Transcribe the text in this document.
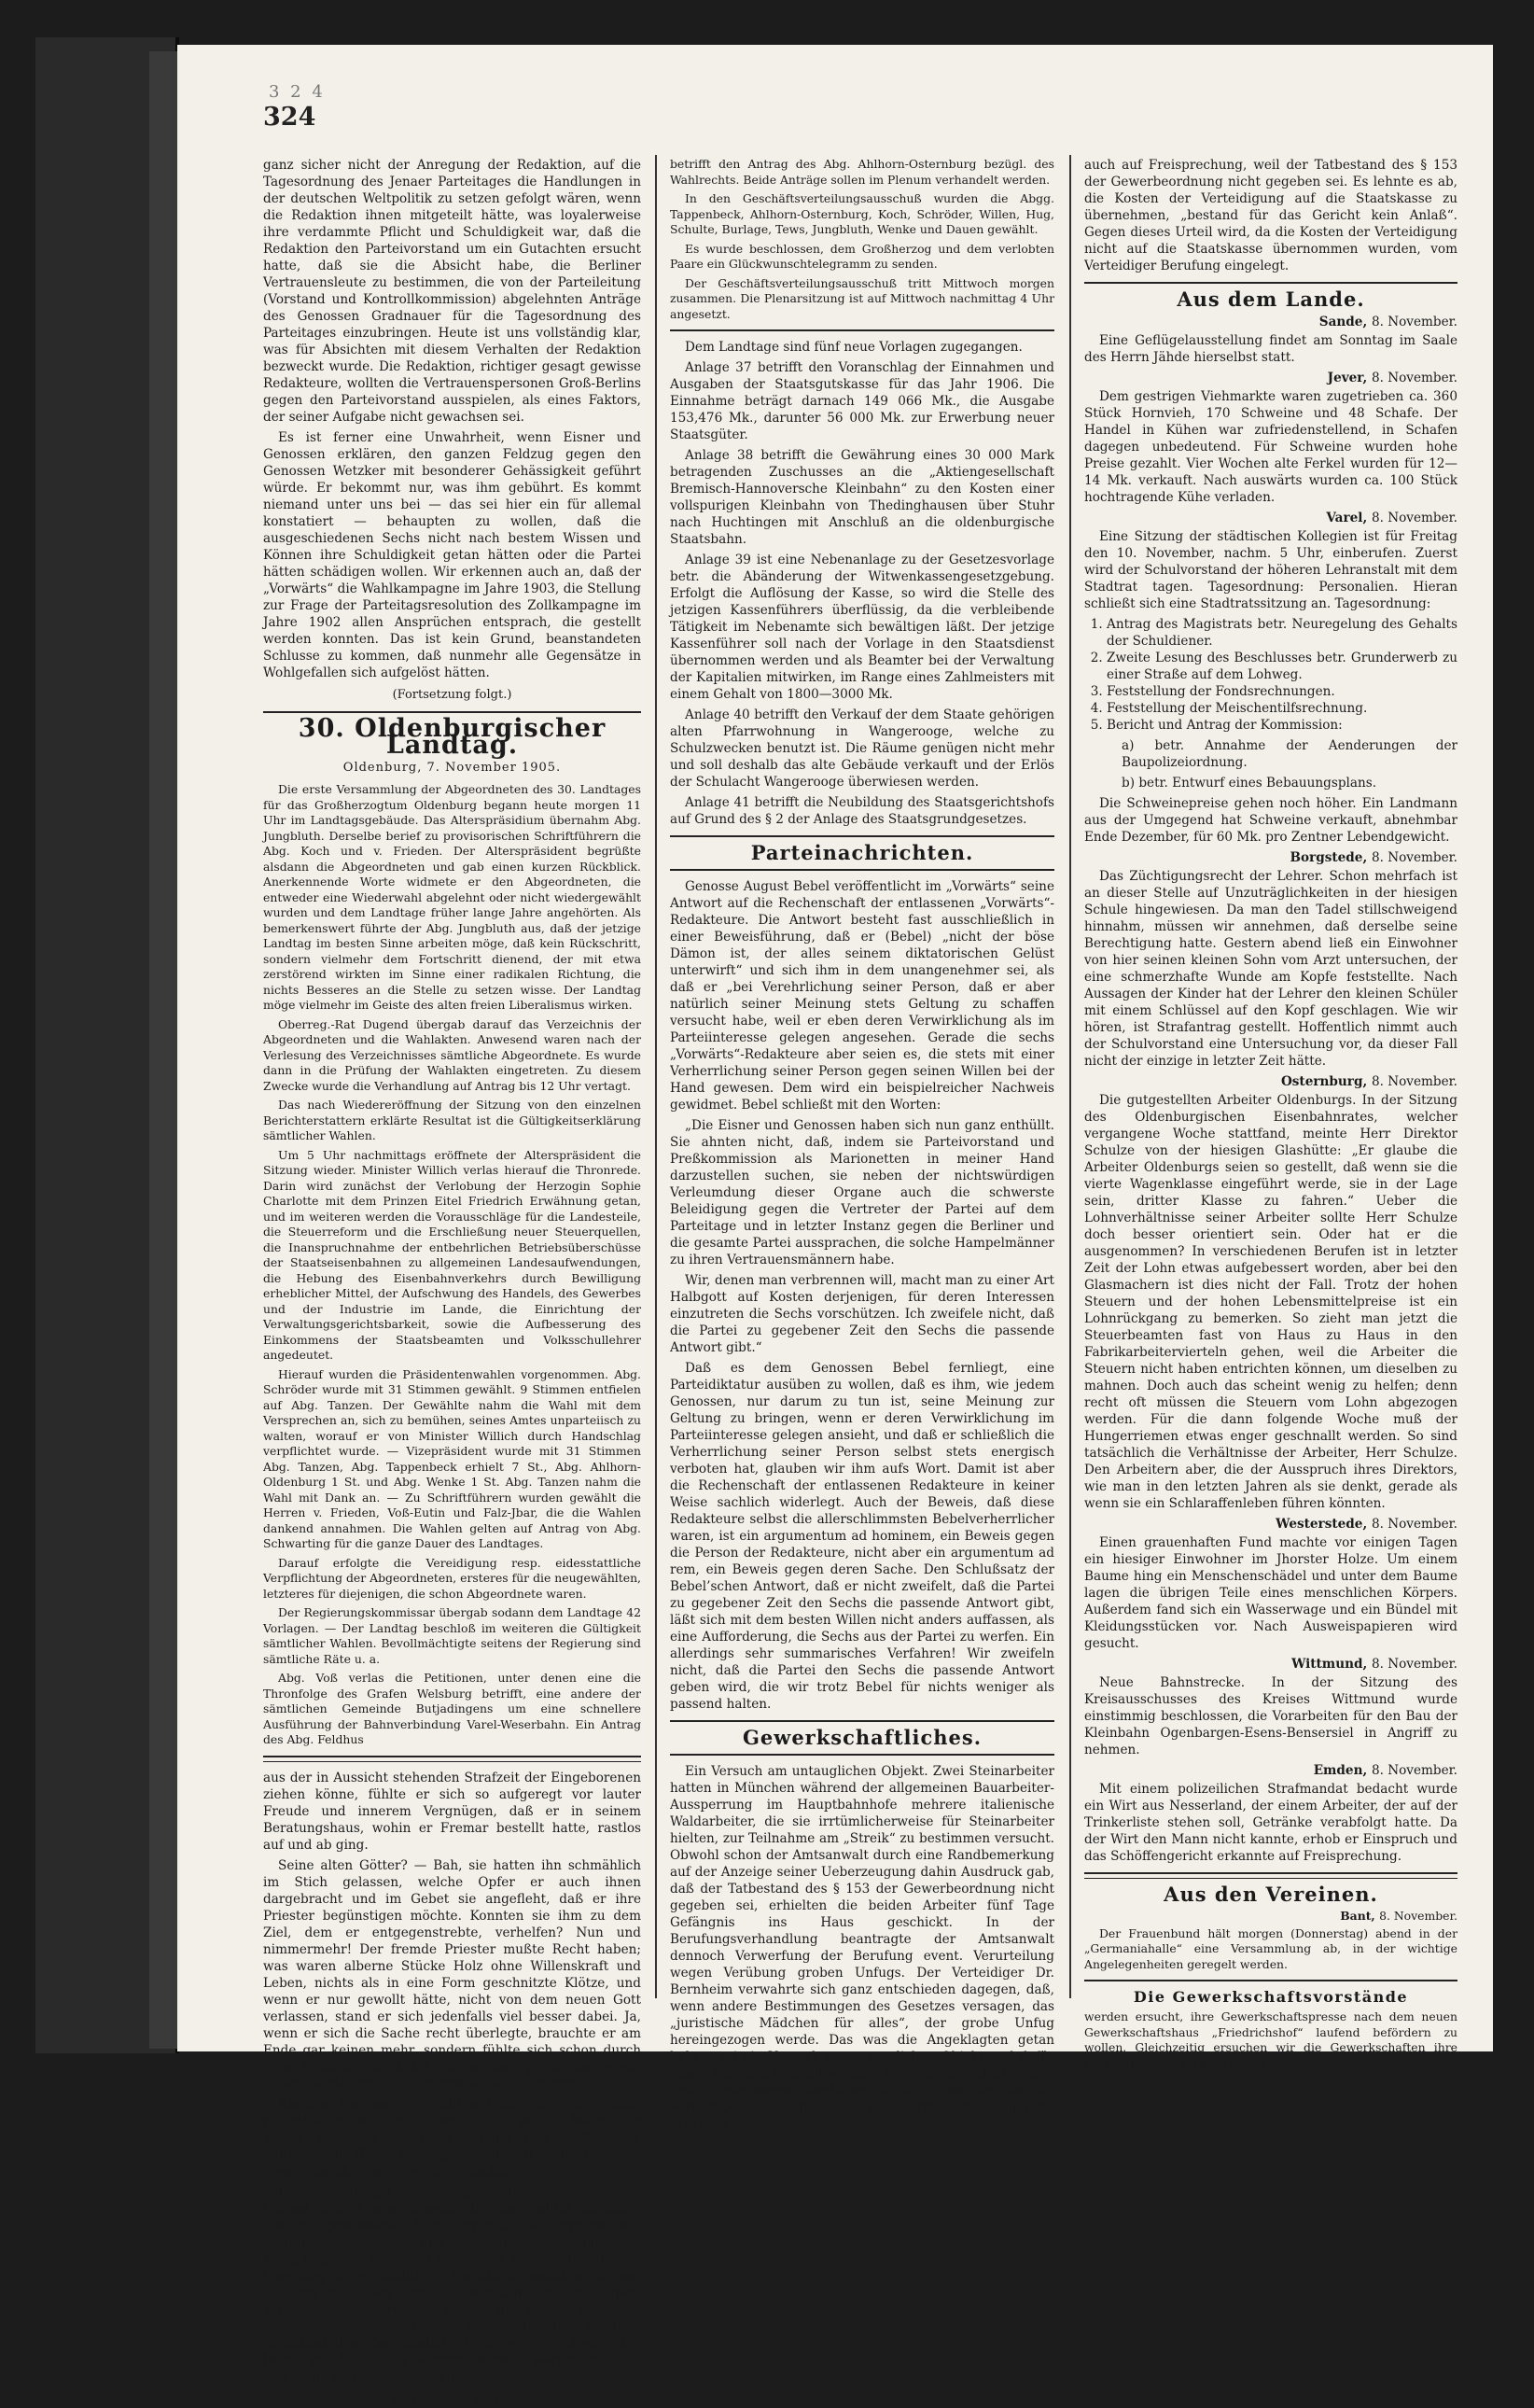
3 2 4
324

ganz sicher nicht der Anregung der Redaktion, auf die Tagesordnung des Jenaer Parteitages die Handlungen in der deutschen Weltpolitik zu setzen gefolgt wären, wenn die Redaktion ihnen mitgeteilt hätte, was loyalerweise ihre verdammte Pflicht und Schuldigkeit war, daß die Redaktion den Parteivorstand um ein Gutachten ersucht hatte, daß sie die Absicht habe, die Berliner Vertrauensleute zu bestimmen, die von der Parteileitung (Vorstand und Kontrollkommission) abgelehnten Anträge des Genossen Gradnauer für die Tagesordnung des Parteitages einzubringen. Heute ist uns vollständig klar, was für Absichten mit diesem Verhalten der Redaktion bezweckt wurde. Die Redaktion, richtiger gesagt gewisse Redakteure, wollten die Vertrauenspersonen Groß-Berlins gegen den Parteivorstand ausspielen, als eines Faktors, der seiner Aufgabe nicht gewachsen sei.

Es ist ferner eine Unwahrheit, wenn Eisner und Genossen erklären, den ganzen Feldzug gegen den Genossen Wetzker mit besonderer Gehässigkeit geführt würde. Er bekommt nur, was ihm gebührt. Es kommt niemand unter uns bei — das sei hier ein für allemal konstatiert — behaupten zu wollen, daß die ausgeschiedenen Sechs nicht nach bestem Wissen und Können ihre Schuldigkeit getan hätten oder die Partei hätten schädigen wollen. Wir erkennen auch an, daß der „Vorwärts“ die Wahlkampagne im Jahre 1903, die Stellung zur Frage der Parteitagsresolution des Zollkampagne im Jahre 1902 allen Ansprüchen entsprach, die gestellt werden konnten. Das ist kein Grund, beanstandeten Schlusse zu kommen, daß nunmehr alle Gegensätze in Wohlgefallen sich aufgelöst hätten.

(Fortsetzung folgt.)
30. Oldenburgischer Landtag.
Oldenburg, 7. November 1905.

Die erste Versammlung der Abgeordneten des 30. Landtages für das Großherzogtum Oldenburg begann heute morgen 11 Uhr im Landtagsgebäude. Das Alterspräsidium übernahm Abg. Jungbluth. Derselbe berief zu provisorischen Schriftführern die Abg. Koch und v. Frieden. Der Alterspräsident begrüßte alsdann die Abgeordneten und gab einen kurzen Rückblick. Anerkennende Worte widmete er den Abgeordneten, die entweder eine Wiederwahl abgelehnt oder nicht wiedergewählt wurden und dem Landtage früher lange Jahre angehörten. Als bemerkenswert führte der Abg. Jungbluth aus, daß der jetzige Landtag im besten Sinne arbeiten möge, daß kein Rückschritt, sondern vielmehr dem Fortschritt dienend, der mit etwa zerstörend wirkten im Sinne einer radikalen Richtung, die nichts Besseres an die Stelle zu setzen wisse. Der Landtag möge vielmehr im Geiste des alten freien Liberalismus wirken.

Oberreg.-Rat Dugend übergab darauf das Verzeichnis der Abgeordneten und die Wahlakten. Anwesend waren nach der Verlesung des Verzeichnisses sämtliche Abgeordnete. Es wurde dann in die Prüfung der Wahlakten eingetreten. Zu diesem Zwecke wurde die Verhandlung auf Antrag bis 12 Uhr vertagt.

Das nach Wiedereröffnung der Sitzung von den einzelnen Berichterstattern erklärte Resultat ist die Gültigkeitserklärung sämtlicher Wahlen.

Um 5 Uhr nachmittags eröffnete der Alterspräsident die Sitzung wieder. Minister Willich verlas hierauf die Thronrede. Darin wird zunächst der Verlobung der Herzogin Sophie Charlotte mit dem Prinzen Eitel Friedrich Erwähnung getan, und im weiteren werden die Vorausschläge für die Landesteile, die Steuerreform und die Erschließung neuer Steuerquellen, die Inanspruchnahme der entbehrlichen Betriebsüberschüsse der Staatseisenbahnen zu allgemeinen Landesaufwendungen, die Hebung des Eisenbahnverkehrs durch Bewilligung erheblicher Mittel, der Aufschwung des Handels, des Gewerbes und der Industrie im Lande, die Einrichtung der Verwaltungsgerichtsbarkeit, sowie die Aufbesserung des Einkommens der Staatsbeamten und Volksschullehrer angedeutet.

Hierauf wurden die Präsidentenwahlen vorgenommen. Abg. Schröder wurde mit 31 Stimmen gewählt. 9 Stimmen entfielen auf Abg. Tanzen. Der Gewählte nahm die Wahl mit dem Versprechen an, sich zu bemühen, seines Amtes unparteiisch zu walten, worauf er von Minister Willich durch Handschlag verpflichtet wurde. — Vizepräsident wurde mit 31 Stimmen Abg. Tanzen, Abg. Tappenbeck erhielt 7 St., Abg. Ahlhorn-Oldenburg 1 St. und Abg. Wenke 1 St. Abg. Tanzen nahm die Wahl mit Dank an. — Zu Schriftführern wurden gewählt die Herren v. Frieden, Voß-Eutin und Falz-Jbar, die die Wahlen dankend annahmen. Die Wahlen gelten auf Antrag von Abg. Schwarting für die ganze Dauer des Landtages.

Darauf erfolgte die Vereidigung resp. eidesstattliche Verpflichtung der Abgeordneten, ersteres für die neugewählten, letzteres für diejenigen, die schon Abgeordnete waren.

Der Regierungskommissar übergab sodann dem Landtage 42 Vorlagen. — Der Landtag beschloß im weiteren die Gültigkeit sämtlicher Wahlen. Bevollmächtigte seitens der Regierung sind sämtliche Räte u. a.

Abg. Voß verlas die Petitionen, unter denen eine die Thronfolge des Grafen Welsburg betrifft, eine andere der sämtlichen Gemeinde Butjadingens um eine schnellere Ausführung der Bahnverbindung Varel-Weserbahn. Ein Antrag des Abg. Feldhus

aus der in Aussicht stehenden Strafzeit der Eingeborenen ziehen könne, fühlte er sich so aufgeregt vor lauter Freude und innerem Vergnügen, daß er in seinem Beratungshaus, wohin er Fremar bestellt hatte, rastlos auf und ab ging.

Seine alten Götter? — Bah, sie hatten ihn schmählich im Stich gelassen, welche Opfer er auch ihnen dargebracht und im Gebet sie angefleht, daß er ihre Priester begünstigen möchte. Konnten sie ihm zu dem Ziel, dem er entgegenstrebte, verhelfen? Nun und nimmermehr! Der fremde Priester mußte Recht haben; was waren alberne Stücke Holz ohne Willenskraft und Leben, nichts als in eine Form geschnitzte Klötze, und wenn er nur gewollt hätte, nicht von dem neuen Gott verlassen, stand er sich jedenfalls viel besser dabei. Ja, wenn er sich die Sache recht überlegte, brauchte er am Ende gar keinen mehr, sondern fühlte sich schon durch seine Ueberlegenheit der Waffen stark genug, um es mit seinen sämtlichen Feinden getrost aufzunehmen.

Ramara Toa war ein Vollblut-Heide und ein großer Häuptling; er betrachtete die Religion nur als Mittel zum Zweck, d. h. als ein Mittel, um das Volk im Zaum zu halten, nicht für seinen eigenen Bedarf, denn er stand sowohl darüber, wie über den Gesetzen.

Indessen schritt Fremar langsam wieder seiner eigenen Heimat zu, und zwar ebensfalls bereits ziemlich befriedigt über den gewonnenen Erfolg. Er hatte alles erreicht, was er nur hoffen konnte, und wenn die Versammlung der Häuptlinge, wie er keinen Augenblick bezweifelte, auf den Vorschlag ihres mächtigen Vorschläge annahm, so war dadurch der Sieg des Christentums auf der Insel vollständig gesichert, denn Verbote und Strafen hinderten das Volk schon, in ihrem alten heidnischen Glauben zurückzufallen. Das nämliche Mittel war ja auf so vielen Inseln mit Erfolg angewendet worden, warum sollte es hier nicht die nämliche Wirkung zeigen?

(Fortsetzung folgt.)

betrifft den Antrag des Abg. Ahlhorn-Osternburg bezügl. des Wahlrechts. Beide Anträge sollen im Plenum verhandelt werden.

In den Geschäftsverteilungsausschuß wurden die Abgg. Tappenbeck, Ahlhorn-Osternburg, Koch, Schröder, Willen, Hug, Schulte, Burlage, Tews, Jungbluth, Wenke und Dauen gewählt.

Es wurde beschlossen, dem Großherzog und dem verlobten Paare ein Glückwunschtelegramm zu senden.

Der Geschäftsverteilungsausschuß tritt Mittwoch morgen zusammen. Die Plenarsitzung ist auf Mittwoch nachmittag 4 Uhr angesetzt.

Dem Landtage sind fünf neue Vorlagen zugegangen.

Anlage 37 betrifft den Voranschlag der Einnahmen und Ausgaben der Staatsgutskasse für das Jahr 1906. Die Einnahme beträgt darnach 149 066 Mk., die Ausgabe 153,476 Mk., darunter 56 000 Mk. zur Erwerbung neuer Staatsgüter.

Anlage 38 betrifft die Gewährung eines 30 000 Mark betragenden Zuschusses an die „Aktiengesellschaft Bremisch-Hannoversche Kleinbahn“ zu den Kosten einer vollspurigen Kleinbahn von Thedinghausen über Stuhr nach Huchtingen mit Anschluß an die oldenburgische Staatsbahn.

Anlage 39 ist eine Nebenanlage zu der Gesetzesvorlage betr. die Abänderung der Witwenkassengesetzgebung. Erfolgt die Auflösung der Kasse, so wird die Stelle des jetzigen Kassenführers überflüssig, da die verbleibende Tätigkeit im Nebenamte sich bewältigen läßt. Der jetzige Kassenführer soll nach der Vorlage in den Staatsdienst übernommen werden und als Beamter bei der Verwaltung der Kapitalien mitwirken, im Range eines Zahlmeisters mit einem Gehalt von 1800—3000 Mk.

Anlage 40 betrifft den Verkauf der dem Staate gehörigen alten Pfarrwohnung in Wangerooge, welche zu Schulzwecken benutzt ist. Die Räume genügen nicht mehr und soll deshalb das alte Gebäude verkauft und der Erlös der Schulacht Wangerooge überwiesen werden.

Anlage 41 betrifft die Neubildung des Staatsgerichtshofs auf Grund des § 2 der Anlage des Staatsgrundgesetzes.

Parteinachrichten.

Genosse August Bebel veröffentlicht im „Vorwärts“ seine Antwort auf die Rechenschaft der entlassenen „Vorwärts“-Redakteure. Die Antwort besteht fast ausschließlich in einer Beweisführung, daß er (Bebel) „nicht der böse Dämon ist, der alles seinem diktatorischen Gelüst unterwirft“ und sich ihm in dem unangenehmer sei, als daß er „bei Verehrlichung seiner Person, daß er aber natürlich seiner Meinung stets Geltung zu schaffen versucht habe, weil er eben deren Verwirklichung als im Parteiinteresse gelegen angesehen. Gerade die sechs „Vorwärts“-Redakteure aber seien es, die stets mit einer Verherrlichung seiner Person gegen seinen Willen bei der Hand gewesen. Dem wird ein beispielreicher Nachweis gewidmet. Bebel schließt mit den Worten:

„Die Eisner und Genossen haben sich nun ganz enthüllt. Sie ahnten nicht, daß, indem sie Parteivorstand und Preßkommission als Marionetten in meiner Hand darzustellen suchen, sie neben der nichtswürdigen Verleumdung dieser Organe auch die schwerste Beleidigung gegen die Vertreter der Partei auf dem Parteitage und in letzter Instanz gegen die Berliner und die gesamte Partei aussprachen, die solche Hampelmänner zu ihren Vertrauensmännern habe.

Wir, denen man verbrennen will, macht man zu einer Art Halbgott auf Kosten derjenigen, für deren Interessen einzutreten die Sechs vorschützen. Ich zweifele nicht, daß die Partei zu gegebener Zeit den Sechs die passende Antwort gibt.“

Daß es dem Genossen Bebel fernliegt, eine Parteidiktatur ausüben zu wollen, daß es ihm, wie jedem Genossen, nur darum zu tun ist, seine Meinung zur Geltung zu bringen, wenn er deren Verwirklichung im Parteiinteresse gelegen ansieht, und daß er schließlich die Verherrlichung seiner Person selbst stets energisch verboten hat, glauben wir ihm aufs Wort. Damit ist aber die Rechenschaft der entlassenen Redakteure in keiner Weise sachlich widerlegt. Auch der Beweis, daß diese Redakteure selbst die allerschlimmsten Bebelverherrlicher waren, ist ein argumentum ad hominem, ein Beweis gegen die Person der Redakteure, nicht aber ein argumentum ad rem, ein Beweis gegen deren Sache. Den Schlußsatz der Bebel’schen Antwort, daß er nicht zweifelt, daß die Partei zu gegebener Zeit den Sechs die passende Antwort gibt, läßt sich mit dem besten Willen nicht anders auffassen, als eine Aufforderung, die Sechs aus der Partei zu werfen. Ein allerdings sehr summarisches Verfahren! Wir zweifeln nicht, daß die Partei den Sechs die passende Antwort geben wird, die wir trotz Bebel für nichts weniger als passend halten.

Gewerkschaftliches.

Ein Versuch am untauglichen Objekt. Zwei Steinarbeiter hatten in München während der allgemeinen Bauarbeiter-Aussperrung im Hauptbahnhofe mehrere italienische Waldarbeiter, die sie irrtümlicherweise für Steinarbeiter hielten, zur Teilnahme am „Streik“ zu bestimmen versucht. Obwohl schon der Amtsanwalt durch eine Randbemerkung auf der Anzeige seiner Ueberzeugung dahin Ausdruck gab, daß der Tatbestand des § 153 der Gewerbeordnung nicht gegeben sei, erhielten die beiden Arbeiter fünf Tage Gefängnis ins Haus geschickt. In der Berufungsverhandlung beantragte der Amtsanwalt dennoch Verwerfung der Berufung event. Verurteilung wegen Verübung groben Unfugs. Der Verteidiger Dr. Bernheim verwahrte sich ganz entschieden dagegen, daß, wenn andere Bestimmungen des Gesetzes versagen, das „juristische Mädchen für alles“, der grobe Unfug hereingezogen werde. Das was die Angeklagten getan haben, sei ein Versuch am untauglichen Objekt und dafür könne niemand bestraft werden. Er forderte Freisprechung unter Uebernahme sämtlicher Kosten, einschließlich der Verteidigung auf die Staatskasse. Das Schöffengericht erkannte denn

auch auf Freisprechung, weil der Tatbestand des § 153 der Gewerbeordnung nicht gegeben sei. Es lehnte es ab, die Kosten der Verteidigung auf die Staatskasse zu übernehmen, „bestand für das Gericht kein Anlaß“. Gegen dieses Urteil wird, da die Kosten der Verteidigung nicht auf die Staatskasse übernommen wurden, vom Verteidiger Berufung eingelegt.

Aus dem Lande.
Sande, 8. November.

Eine Geflügelausstellung findet am Sonntag im Saale des Herrn Jähde hierselbst statt.

Jever, 8. November.

Dem gestrigen Viehmarkte waren zugetrieben ca. 360 Stück Hornvieh, 170 Schweine und 48 Schafe. Der Handel in Kühen war zufriedenstellend, in Schafen dagegen unbedeutend. Für Schweine wurden hohe Preise gezahlt. Vier Wochen alte Ferkel wurden für 12—14 Mk. verkauft. Nach auswärts wurden ca. 100 Stück hochtragende Kühe verladen.

Varel, 8. November.

Eine Sitzung der städtischen Kollegien ist für Freitag den 10. November, nachm. 5 Uhr, einberufen. Zuerst wird der Schulvorstand der höheren Lehranstalt mit dem Stadtrat tagen. Tagesordnung: Personalien. Hieran schließt sich eine Stadtratssitzung an. Tagesordnung:

1. Antrag des Magistrats betr. Neuregelung des Gehalts der Schuldiener.
2. Zweite Lesung des Beschlusses betr. Grunderwerb zu einer Straße auf dem Lohweg.
3. Feststellung der Fondsrechnungen.
4. Feststellung der Meischentilfsrechnung.
5. Bericht und Antrag der Kommission:

a) betr. Annahme der Aenderungen der Baupolizeiordnung.

b) betr. Entwurf eines Bebauungsplans.

Die Schweinepreise gehen noch höher. Ein Landmann aus der Umgegend hat Schweine verkauft, abnehmbar Ende Dezember, für 60 Mk. pro Zentner Lebendgewicht.

Borgstede, 8. November.

Das Züchtigungsrecht der Lehrer. Schon mehrfach ist an dieser Stelle auf Unzuträglichkeiten in der hiesigen Schule hingewiesen. Da man den Tadel stillschweigend hinnahm, müssen wir annehmen, daß derselbe seine Berechtigung hatte. Gestern abend ließ ein Einwohner von hier seinen kleinen Sohn vom Arzt untersuchen, der eine schmerzhafte Wunde am Kopfe feststellte. Nach Aussagen der Kinder hat der Lehrer den kleinen Schüler mit einem Schlüssel auf den Kopf geschlagen. Wie wir hören, ist Strafantrag gestellt. Hoffentlich nimmt auch der Schulvorstand eine Untersuchung vor, da dieser Fall nicht der einzige in letzter Zeit hätte.

Osternburg, 8. November.

Die gutgestellten Arbeiter Oldenburgs. In der Sitzung des Oldenburgischen Eisenbahnrates, welcher vergangene Woche stattfand, meinte Herr Direktor Schulze von der hiesigen Glashütte: „Er glaube die Arbeiter Oldenburgs seien so gestellt, daß wenn sie die vierte Wagenklasse eingeführt werde, sie in der Lage sein, dritter Klasse zu fahren.“ Ueber die Lohnverhältnisse seiner Arbeiter sollte Herr Schulze doch besser orientiert sein. Oder hat er die ausgenommen? In verschiedenen Berufen ist in letzter Zeit der Lohn etwas aufgebessert worden, aber bei den Glasmachern ist dies nicht der Fall. Trotz der hohen Steuern und der hohen Lebensmittelpreise ist ein Lohnrückgang zu bemerken. So zieht man jetzt die Steuerbeamten fast von Haus zu Haus in den Fabrikarbeitervierteln gehen, weil die Arbeiter die Steuern nicht haben entrichten können, um dieselben zu mahnen. Doch auch das scheint wenig zu helfen; denn recht oft müssen die Steuern vom Lohn abgezogen werden. Für die dann folgende Woche muß der Hungerriemen etwas enger geschnallt werden. So sind tatsächlich die Verhältnisse der Arbeiter, Herr Schulze. Den Arbeitern aber, die der Ausspruch ihres Direktors, wie man in den letzten Jahren als sie denkt, gerade als wenn sie ein Schlaraffenleben führen könnten.

Westerstede, 8. November.

Einen grauenhaften Fund machte vor einigen Tagen ein hiesiger Einwohner im Jhorster Holze. Um einem Baume hing ein Menschenschädel und unter dem Baume lagen die übrigen Teile eines menschlichen Körpers. Außerdem fand sich ein Wasserwage und ein Bündel mit Kleidungsstücken vor. Nach Ausweispapieren wird gesucht.

Wittmund, 8. November.

Neue Bahnstrecke. In der Sitzung des Kreisausschusses des Kreises Wittmund wurde einstimmig beschlossen, die Vorarbeiten für den Bau der Kleinbahn Ogenbargen-Esens-Bensersiel in Angriff zu nehmen.

Emden, 8. November.

Mit einem polizeilichen Strafmandat bedacht wurde ein Wirt aus Nesserland, der einem Arbeiter, der auf der Trinkerliste stehen soll, Getränke verabfolgt hatte. Da der Wirt den Mann nicht kannte, erhob er Einspruch und das Schöffengericht erkannte auf Freisprechung.

Aus den Vereinen.
Bant, 8. November.

Der Frauenbund hält morgen (Donnerstag) abend in der „Germaniahalle“ eine Versammlung ab, in der wichtige Angelegenheiten geregelt werden.

Die Gewerkschaftsvorstände

werden ersucht, ihre Gewerkschaftspresse nach dem neuen Gewerkschaftshaus „Friedrichshof“ laufend befördern zu wollen. Gleichzeitig ersuchen wir die Gewerkschaften ihre Empfehlungsplakate nach dort senden.
